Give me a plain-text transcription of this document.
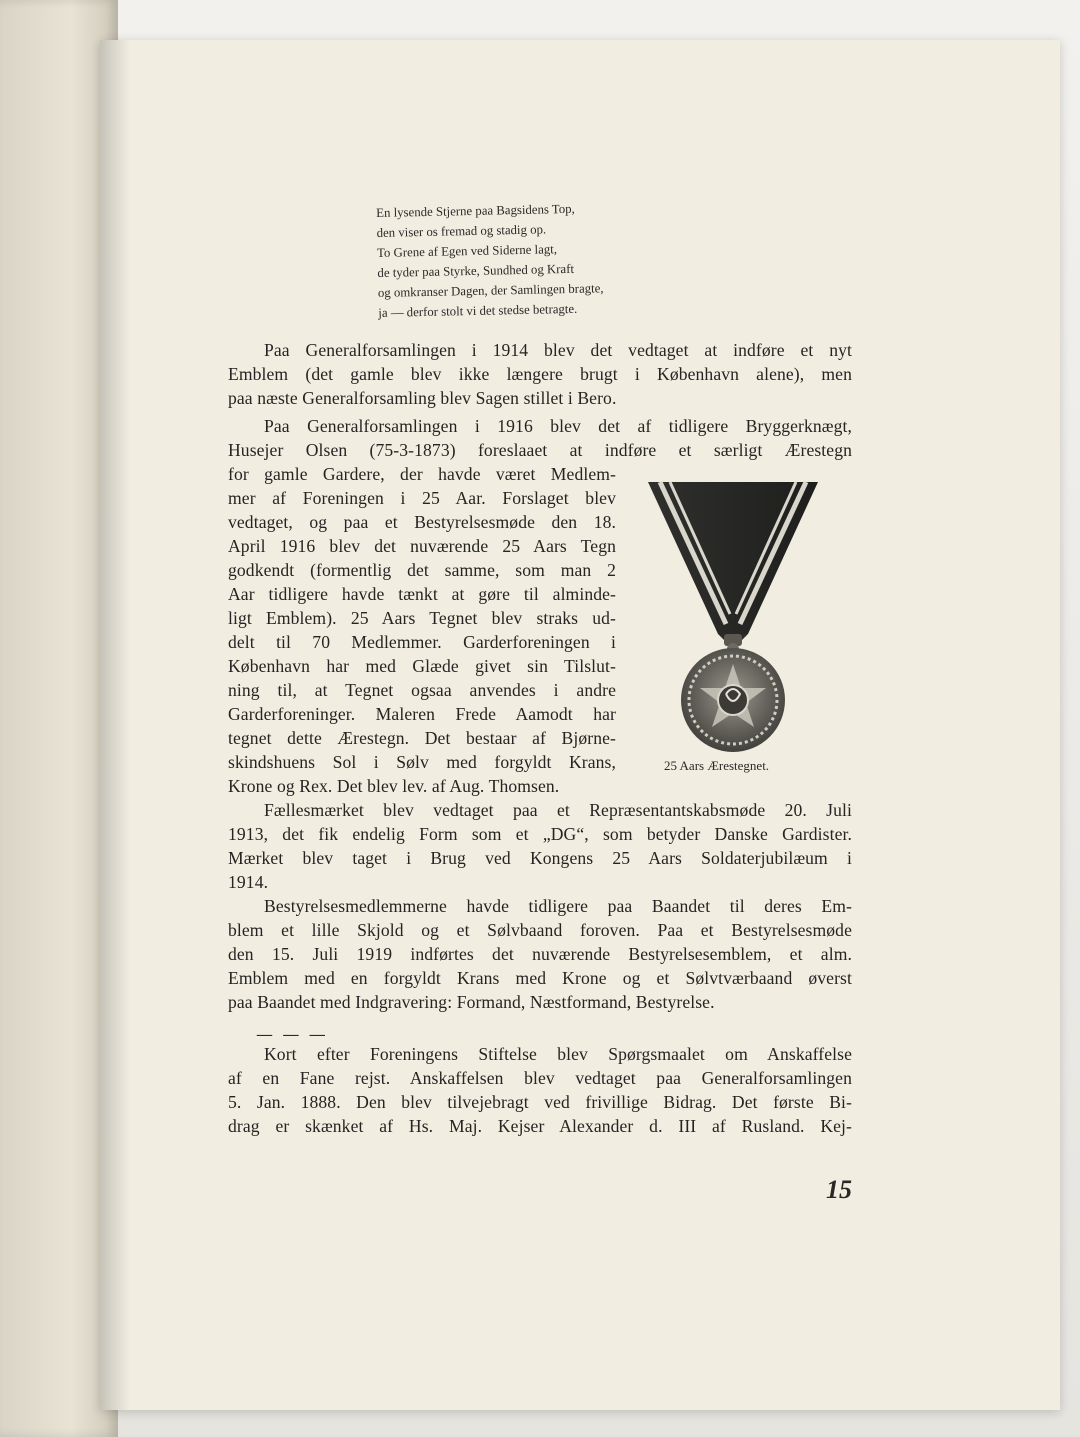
En lysende Stjerne paa Bagsidens Top,
den viser os fremad og stadig op.
To Grene af Egen ved Siderne lagt,
de tyder paa Styrke, Sundhed og Kraft
og omkranser Dagen, der Samlingen bragte,
ja — derfor stolt vi det stedse betragte.
Paa Generalforsamlingen i 1914 blev det vedtaget at indføre et nyt
Emblem (det gamle blev ikke længere brugt i København alene), men
paa næste Generalforsamling blev Sagen stillet i Bero.
Paa Generalforsamlingen i 1916 blev det af tidligere Bryggerknægt,
Husejer Olsen (75-3-1873) foreslaaet at indføre et særligt Ærestegn
for gamle Gardere, der havde været Medlem-
mer af Foreningen i 25 Aar. Forslaget blev
vedtaget, og paa et Bestyrelsesmøde den 18.
April 1916 blev det nuværende 25 Aars Tegn
godkendt (formentlig det samme, som man 2
Aar tidligere havde tænkt at gøre til alminde-
ligt Emblem). 25 Aars Tegnet blev straks ud-
delt til 70 Medlemmer. Garderforeningen i
København har med Glæde givet sin Tilslut-
ning til, at Tegnet ogsaa anvendes i andre
Garderforeninger. Maleren Frede Aamodt har
tegnet dette Ærestegn. Det bestaar af Bjørne-
skindshuens Sol i Sølv med forgyldt Krans,
Krone og Rex. Det blev lev. af Aug. Thomsen.
Fællesmærket blev vedtaget paa et Repræsentantskabsmøde 20. Juli
1913, det fik endelig Form som et „DG“, som betyder Danske Gardister.
Mærket blev taget i Brug ved Kongens 25 Aars Soldaterjubilæum i
1914.
Bestyrelsesmedlemmerne havde tidligere paa Baandet til deres Em-
blem et lille Skjold og et Sølvbaand foroven. Paa et Bestyrelsesmøde
den 15. Juli 1919 indførtes det nuværende Bestyrelsesemblem, et alm.
Emblem med en forgyldt Krans med Krone og et Sølvtværbaand øverst
paa Baandet med Indgravering: Formand, Næstformand, Bestyrelse.
Kort efter Foreningens Stiftelse blev Spørgsmaalet om Anskaffelse
af en Fane rejst. Anskaffelsen blev vedtaget paa Generalforsamlingen
5. Jan. 1888. Den blev tilvejebragt ved frivillige Bidrag. Det første Bi-
drag er skænket af Hs. Maj. Kejser Alexander d. III af Rusland. Kej-
25 Aars Ærestegnet.
— — —
15
